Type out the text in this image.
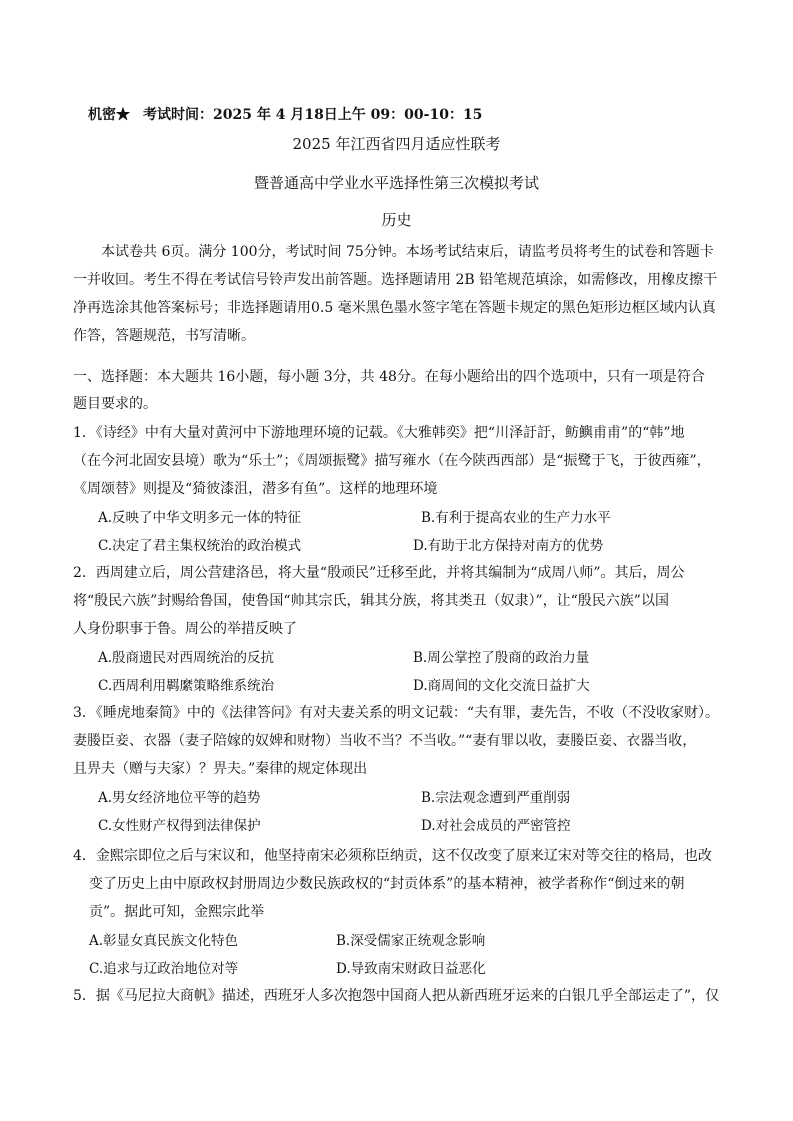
机密★ 考试时间：2025 年 4 月18日上午 09：00-10：15
2025 年江西省四月适应性联考
暨普通高中学业水平选择性第三次模拟考试
历史
本试卷共 6页。满分 100分，考试时间 75分钟。本场考试结束后，请监考员将考生的试卷和答题卡
一并收回。考生不得在考试信号铃声发出前答题。选择题请用 2B 铅笔规范填涂，如需修改，用橡皮擦干
净再选涂其他答案标号；非选择题请用0.5 毫米黑色墨水签字笔在答题卡规定的黑色矩形边框区域内认真
作答，答题规范，书写清晰。
一、选择题：本大题共 16小题，每小题 3分，共 48分。在每小题给出的四个选项中，只有一项是符合
题目要求的。
1．《诗经》中有大量对黄河中下游地理环境的记载。《大雅韩奕》把“川泽訏訏，鲂鱮甫甫”的“韩”地
（在今河北固安县境）歌为“乐土”；《周颂振鹭》描写雍水（在今陕西西部）是“振鹭于飞，于彼西雍”，
《周颂替》则提及“猗彼漆沮，潜多有鱼”。这样的地理环境
A.反映了中华文明多元一体的特征	B.有利于提高农业的生产力水平
C.决定了君主集权统治的政治模式	D.有助于北方保持对南方的优势
2．西周建立后，周公营建洛邑，将大量“殷顽民”迁移至此，并将其编制为“成周八师”。其后，周公
将“殷民六族”封赐给鲁国，使鲁国“帅其宗氏，辑其分族，将其类丑（奴隶）”，让“殷民六族”以国
人身份职事于鲁。周公的举措反映了
A.殷商遗民对西周统治的反抗	B.周公掌控了殷商的政治力量
C.西周利用羁縻策略维系统治	D.商周间的文化交流日益扩大
3．《睡虎地秦简》中的《法律答问》有对夫妻关系的明文记载：“夫有罪，妻先告，不收（不没收家财）。
妻媵臣妾、衣器（妻子陪嫁的奴婢和财物）当收不当？不当收。”“妻有罪以收，妻媵臣妾、衣器当收，
且畀夫（赠与夫家）？畀夫。”秦律的规定体现出
A.男女经济地位平等的趋势	B.宗法观念遭到严重削弱
C.女性财产权得到法律保护	D.对社会成员的严密管控
4．金熙宗即位之后与宋议和，他坚持南宋必须称臣纳贡，这不仅改变了原来辽宋对等交往的格局，也改
变了历史上由中原政权封册周边少数民族政权的“封贡体系”的基本精神，被学者称作“倒过来的朝
贡”。据此可知，金熙宗此举
A.彰显女真民族文化特色	B.深受儒家正统观念影响
C.追求与辽政治地位对等	D.导致南宋财政日益恶化
5．据《马尼拉大商帆》描述，西班牙人多次抱怨中国商人把从新西班牙运来的白银几乎全部运走了”，仅
